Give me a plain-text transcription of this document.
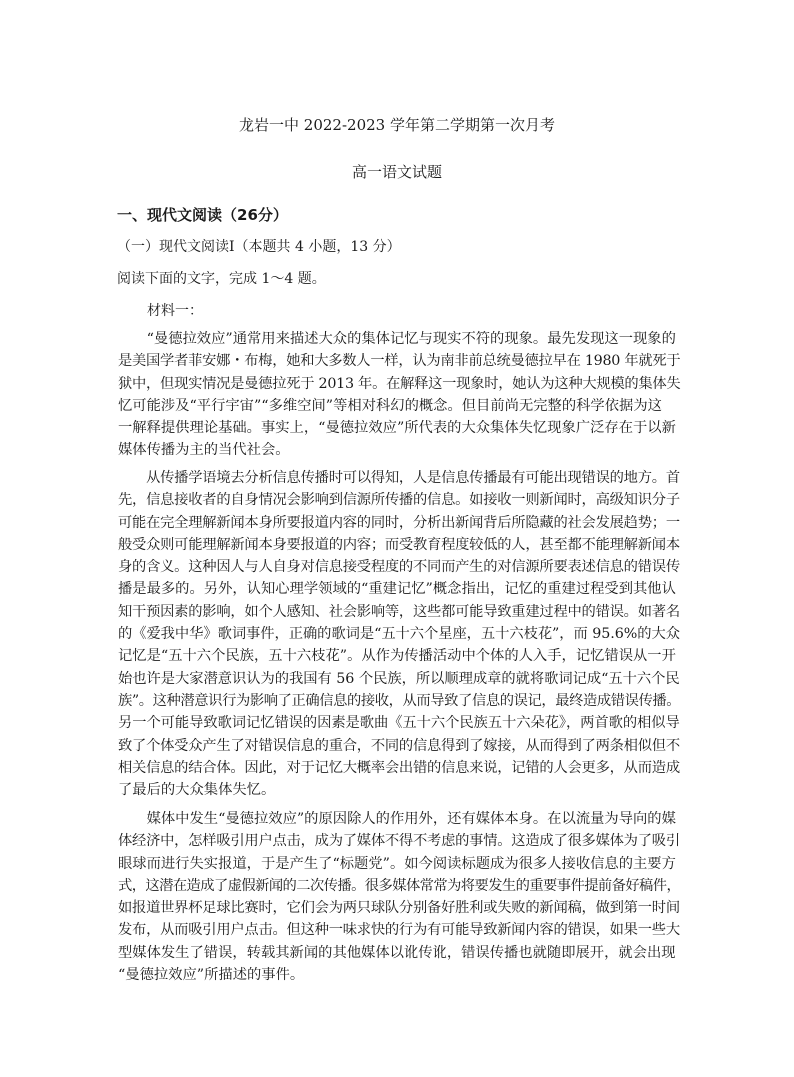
龙岩一中 2022-2023 学年第二学期第一次月考

高一语文试题

一、现代文阅读（26分）

（一）现代文阅读Ⅰ（本题共 4 小题，13 分）

阅读下面的文字，完成 1～4 题。

材料一：

　　“曼德拉效应”通常用来描述大众的集体记忆与现实不符的现象。最先发现这一现象的
是美国学者菲安娜・布梅，她和大多数人一样，认为南非前总统曼德拉早在 1980 年就死于
狱中，但现实情况是曼德拉死于 2013 年。在解释这一现象时，她认为这种大规模的集体失
忆可能涉及“平行宇宙”“多维空间”等相对科幻的概念。但目前尚无完整的科学依据为这
一解释提供理论基础。事实上，“曼德拉效应”所代表的大众集体失忆现象广泛存在于以新
媒体传播为主的当代社会。
　　从传播学语境去分析信息传播时可以得知，人是信息传播最有可能出现错误的地方。首
先，信息接收者的自身情况会影响到信源所传播的信息。如接收一则新闻时，高级知识分子
可能在完全理解新闻本身所要报道内容的同时，分析出新闻背后所隐藏的社会发展趋势；一
般受众则可能理解新闻本身要报道的内容；而受教育程度较低的人，甚至都不能理解新闻本
身的含义。这种因人与人自身对信息接受程度的不同而产生的对信源所要表述信息的错误传
播是最多的。另外，认知心理学领域的“重建记忆”概念指出，记忆的重建过程受到其他认
知干预因素的影响，如个人感知、社会影响等，这些都可能导致重建过程中的错误。如著名
的《爱我中华》歌词事件，正确的歌词是“五十六个星座，五十六枝花”，而 95.6%的大众
记忆是“五十六个民族，五十六枝花”。从作为传播活动中个体的人入手，记忆错误从一开
始也许是大家潜意识认为的我国有 56 个民族，所以顺理成章的就将歌词记成“五十六个民
族”。这种潜意识行为影响了正确信息的接收，从而导致了信息的误记，最终造成错误传播。
另一个可能导致歌词记忆错误的因素是歌曲《五十六个民族五十六朵花》，两首歌的相似导
致了个体受众产生了对错误信息的重合，不同的信息得到了嫁接，从而得到了两条相似但不
相关信息的结合体。因此，对于记忆大概率会出错的信息来说，记错的人会更多，从而造成
了最后的大众集体失忆。
　　媒体中发生“曼德拉效应”的原因除人的作用外，还有媒体本身。在以流量为导向的媒
体经济中，怎样吸引用户点击，成为了媒体不得不考虑的事情。这造成了很多媒体为了吸引
眼球而进行失实报道，于是产生了“标题党”。如今阅读标题成为很多人接收信息的主要方
式，这潜在造成了虚假新闻的二次传播。很多媒体常常为将要发生的重要事件提前备好稿件，
如报道世界杯足球比赛时，它们会为两只球队分别备好胜利或失败的新闻稿，做到第一时间
发布，从而吸引用户点击。但这种一味求快的行为有可能导致新闻内容的错误，如果一些大
型媒体发生了错误，转载其新闻的其他媒体以讹传讹，错误传播也就随即展开，就会出现
“曼德拉效应”所描述的事件。
